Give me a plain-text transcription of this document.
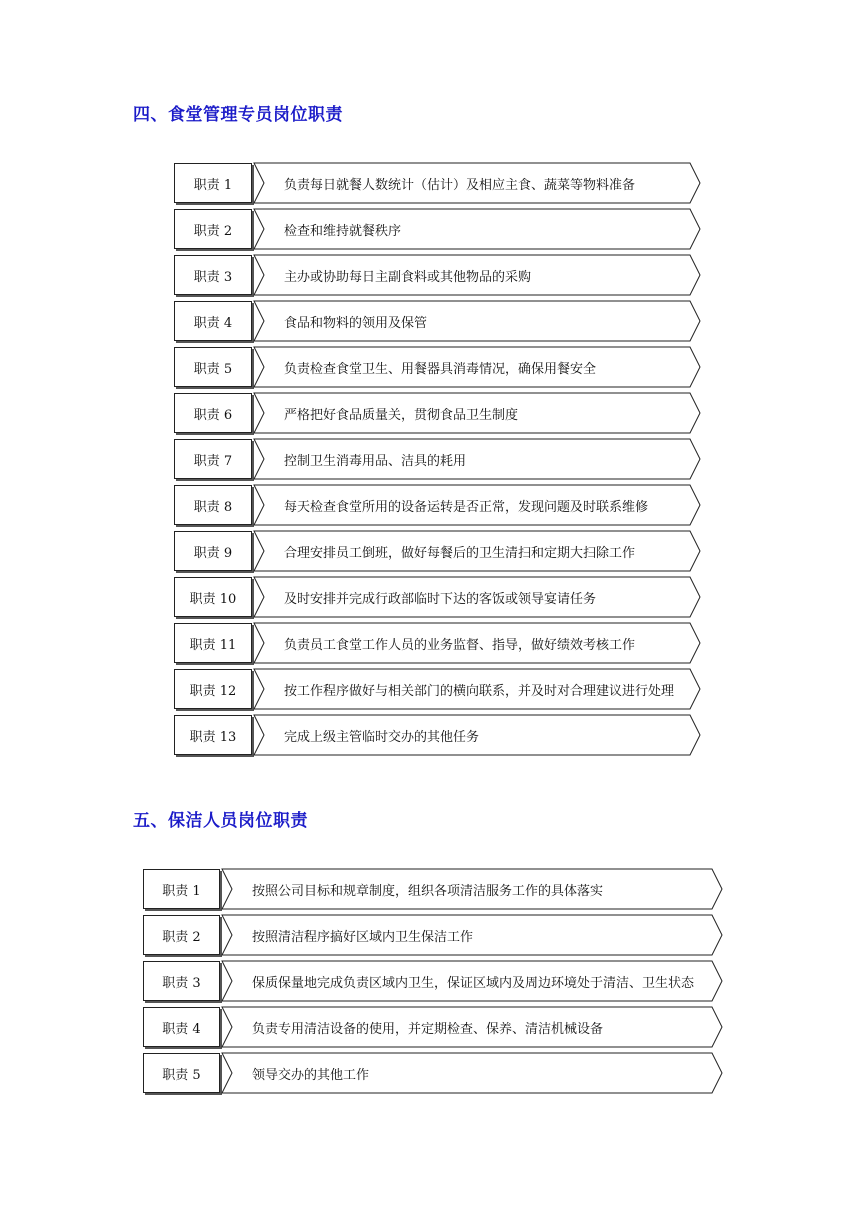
四、食堂管理专员岗位职责
职责 1	负责每日就餐人数统计（估计）及相应主食、蔬菜等物料准备
职责 2	检查和维持就餐秩序
职责 3	主办或协助每日主副食料或其他物品的采购
职责 4	食品和物料的领用及保管
职责 5	负责检查食堂卫生、用餐器具消毒情况，确保用餐安全
职责 6	严格把好食品质量关，贯彻食品卫生制度
职责 7	控制卫生消毒用品、洁具的耗用
职责 8	每天检查食堂所用的设备运转是否正常，发现问题及时联系维修
职责 9	合理安排员工倒班，做好每餐后的卫生清扫和定期大扫除工作
职责 10	及时安排并完成行政部临时下达的客饭或领导宴请任务
职责 11	负责员工食堂工作人员的业务监督、指导，做好绩效考核工作
职责 12	按工作程序做好与相关部门的横向联系，并及时对合理建议进行处理
职责 13	完成上级主管临时交办的其他任务
五、保洁人员岗位职责
职责 1	按照公司目标和规章制度，组织各项清洁服务工作的具体落实
职责 2	按照清洁程序搞好区域内卫生保洁工作
职责 3	保质保量地完成负责区域内卫生，保证区域内及周边环境处于清洁、卫生状态
职责 4	负责专用清洁设备的使用，并定期检查、保养、清洁机械设备
职责 5	领导交办的其他工作
